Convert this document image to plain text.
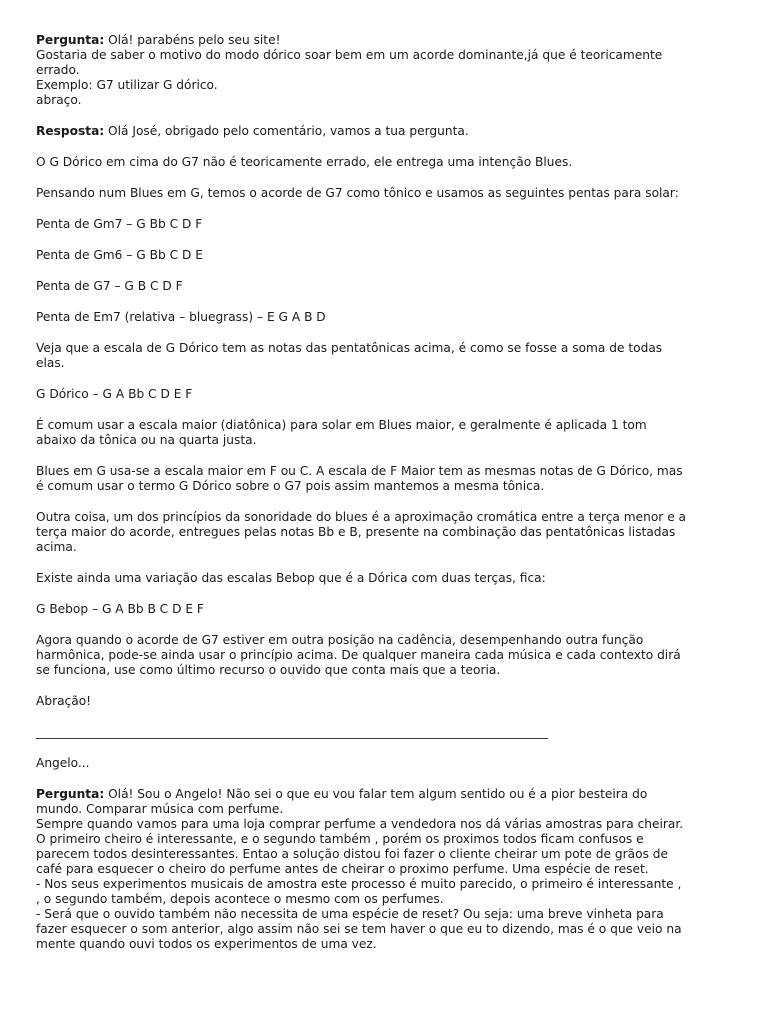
Pergunta: Olá! parabéns pelo seu site!
Gostaria de saber o motivo do modo dórico soar bem em um acorde dominante,já que é teoricamente
errado.
Exemplo: G7 utilizar G dórico.
abraço.
Resposta: Olá José, obrigado pelo comentário, vamos a tua pergunta.
O G Dórico em cima do G7 não é teoricamente errado, ele entrega uma intenção Blues.
Pensando num Blues em G, temos o acorde de G7 como tônico e usamos as seguintes pentas para solar:
Penta de Gm7 – G Bb C D F
Penta de Gm6 – G Bb C D E
Penta de G7 – G B C D F
Penta de Em7 (relativa – bluegrass) – E G A B D
Veja que a escala de G Dórico tem as notas das pentatônicas acima, é como se fosse a soma de todas
elas.
G Dórico – G A Bb C D E F
É comum usar a escala maior (diatônica) para solar em Blues maior, e geralmente é aplicada 1 tom
abaixo da tônica ou na quarta justa.
Blues em G usa-se a escala maior em F ou C. A escala de F Maior tem as mesmas notas de G Dórico, mas
é comum usar o termo G Dórico sobre o G7 pois assim mantemos a mesma tônica.
Outra coisa, um dos princípios da sonoridade do blues é a aproximação cromática entre a terça menor e a
terça maior do acorde, entregues pelas notas Bb e B, presente na combinação das pentatônicas listadas
acima.
Existe ainda uma variação das escalas Bebop que é a Dórica com duas terças, fica:
G Bebop – G A Bb B C D E F
Agora quando o acorde de G7 estiver em outra posição na cadência, desempenhando outra função
harmônica, pode-se ainda usar o princípio acima. De qualquer maneira cada música e cada contexto dirá
se funciona, use como último recurso o ouvido que conta mais que a teoria.
Abração!
____________________________________________________________________________________
Angelo...
Pergunta: Olá! Sou o Angelo! Não sei o que eu vou falar tem algum sentido ou é a pior besteira do
mundo. Comparar música com perfume.
Sempre quando vamos para uma loja comprar perfume a vendedora nos dá várias amostras para cheirar.
O primeiro cheiro é interessante, e o segundo também , porém os proximos todos ficam confusos e
parecem todos desinteressantes. Entao a solução distou foi fazer o cliente cheirar um pote de grãos de
café para esquecer o cheiro do perfume antes de cheirar o proximo perfume. Uma espécie de reset.
- Nos seus experimentos musicais de amostra este processo é muito parecido, o primeiro é interessante ,
, o segundo também, depois acontece o mesmo com os perfumes.
- Será que o ouvido também não necessita de uma espécie de reset? Ou seja: uma breve vinheta para
fazer esquecer o som anterior, algo assim não sei se tem haver o que eu to dizendo, mas é o que veio na
mente quando ouvi todos os experimentos de uma vez.
